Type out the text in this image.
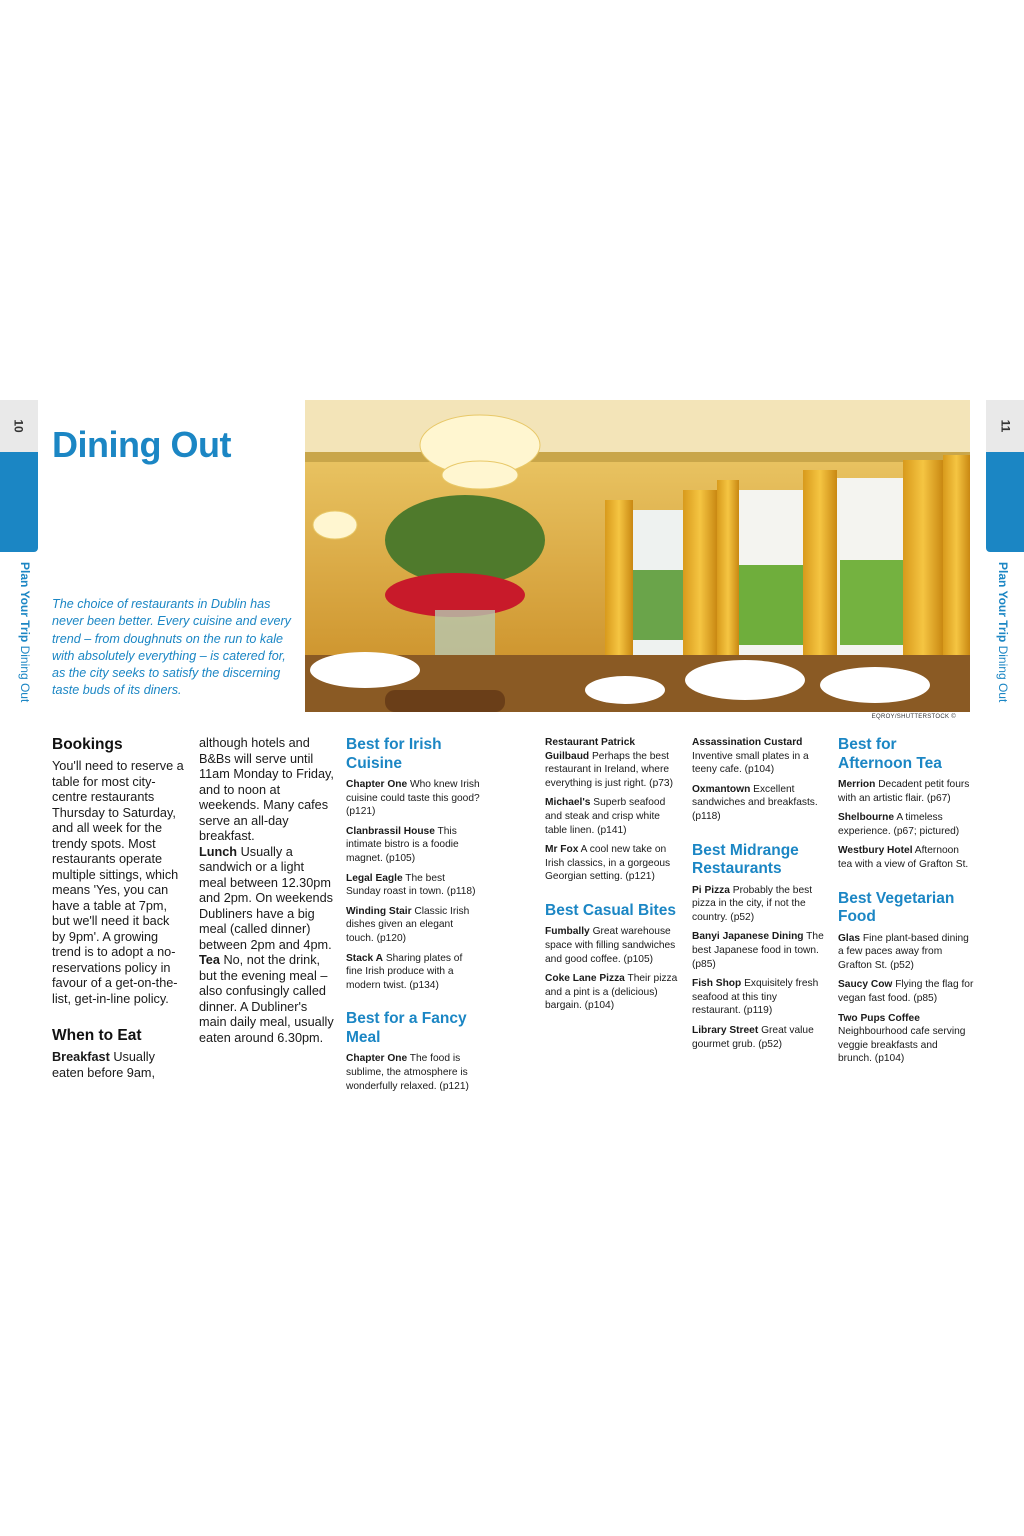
10
Plan Your Trip Dining Out
11
Plan Your Trip Dining Out
Dining Out
The choice of restaurants in Dublin has never been better. Every cuisine and every trend – from doughnuts on the run to kale with absolutely everything – is catered for, as the city seeks to satisfy the discerning taste buds of its diners.
EQROY/SHUTTERSTOCK ©
Bookings
You'll need to reserve a table for most city-centre restaurants Thursday to Saturday, and all week for the trendy spots. Most restaurants operate multiple sittings, which means 'Yes, you can have a table at 7pm, but we'll need it back by 9pm'. A growing trend is to adopt a no-reservations policy in favour of a get-on-the-list, get-in-line policy.
When to Eat
Breakfast Usually eaten before 9am,
although hotels and B&Bs will serve until 11am Monday to Friday, and to noon at weekends. Many cafes serve an all-day breakfast.
Lunch Usually a sandwich or a light meal between 12.30pm and 2pm. On weekends Dubliners have a big meal (called dinner) between 2pm and 4pm.
Tea No, not the drink, but the evening meal – also confusingly called dinner. A Dubliner's main daily meal, usually eaten around 6.30pm.
Best for Irish Cuisine
Chapter One Who knew Irish cuisine could taste this good? (p121)
Clanbrassil House This intimate bistro is a foodie magnet. (p105)
Legal Eagle The best Sunday roast in town. (p118)
Winding Stair Classic Irish dishes given an elegant touch. (p120)
Stack A Sharing plates of fine Irish produce with a modern twist. (p134)
Best for a Fancy Meal
Chapter One The food is sublime, the atmosphere is wonderfully relaxed. (p121)
Restaurant Patrick Guilbaud Perhaps the best restaurant in Ireland, where everything is just right. (p73)
Michael's Superb seafood and steak and crisp white table linen. (p141)
Mr Fox A cool new take on Irish classics, in a gorgeous Georgian setting. (p121)
Best Casual Bites
Fumbally Great warehouse space with filling sandwiches and good coffee. (p105)
Coke Lane Pizza Their pizza and a pint is a (delicious) bargain. (p104)
Assassination Custard Inventive small plates in a teeny cafe. (p104)
Oxmantown Excellent sandwiches and breakfasts. (p118)
Best Midrange Restaurants
Pi Pizza Probably the best pizza in the city, if not the country. (p52)
Banyi Japanese Dining The best Japanese food in town. (p85)
Fish Shop Exquisitely fresh seafood at this tiny restaurant. (p119)
Library Street Great value gourmet grub. (p52)
Best for Afternoon Tea
Merrion Decadent petit fours with an artistic flair. (p67)
Shelbourne A timeless experience. (p67; pictured)
Westbury Hotel Afternoon tea with a view of Grafton St.
Best Vegetarian Food
Glas Fine plant-based dining a few paces away from Grafton St. (p52)
Saucy Cow Flying the flag for vegan fast food. (p85)
Two Pups Coffee Neighbourhood cafe serving veggie breakfasts and brunch. (p104)
